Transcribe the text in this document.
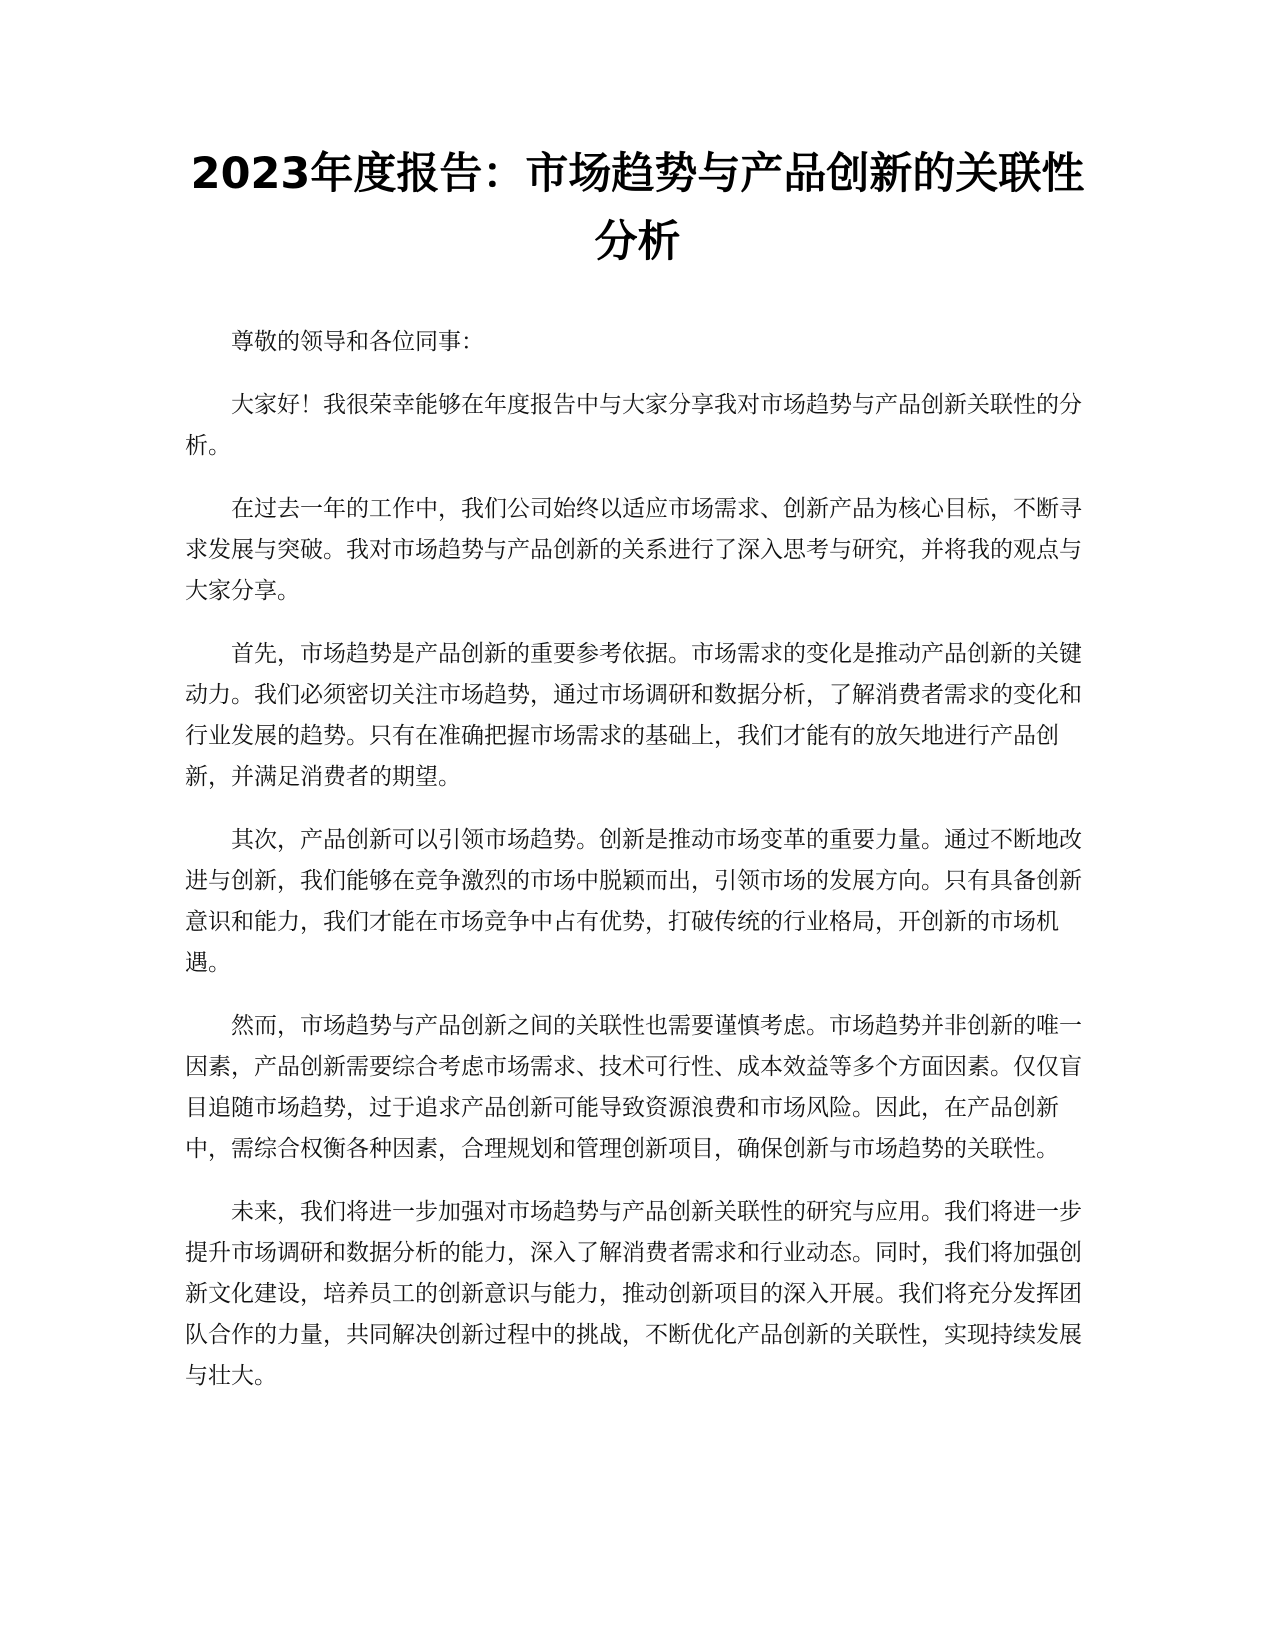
2023年度报告：市场趋势与产品创新的关联性分析

尊敬的领导和各位同事：

大家好！我很荣幸能够在年度报告中与大家分享我对市场趋势与产品创新关联性的分析。

在过去一年的工作中，我们公司始终以适应市场需求、创新产品为核心目标，不断寻求发展与突破。我对市场趋势与产品创新的关系进行了深入思考与研究，并将我的观点与大家分享。

首先，市场趋势是产品创新的重要参考依据。市场需求的变化是推动产品创新的关键动力。我们必须密切关注市场趋势，通过市场调研和数据分析，了解消费者需求的变化和行业发展的趋势。只有在准确把握市场需求的基础上，我们才能有的放矢地进行产品创新，并满足消费者的期望。

其次，产品创新可以引领市场趋势。创新是推动市场变革的重要力量。通过不断地改进与创新，我们能够在竞争激烈的市场中脱颖而出，引领市场的发展方向。只有具备创新意识和能力，我们才能在市场竞争中占有优势，打破传统的行业格局，开创新的市场机遇。

然而，市场趋势与产品创新之间的关联性也需要谨慎考虑。市场趋势并非创新的唯一因素，产品创新需要综合考虑市场需求、技术可行性、成本效益等多个方面因素。仅仅盲目追随市场趋势，过于追求产品创新可能导致资源浪费和市场风险。因此，在产品创新中，需综合权衡各种因素，合理规划和管理创新项目，确保创新与市场趋势的关联性。

未来，我们将进一步加强对市场趋势与产品创新关联性的研究与应用。我们将进一步提升市场调研和数据分析的能力，深入了解消费者需求和行业动态。同时，我们将加强创新文化建设，培养员工的创新意识与能力，推动创新项目的深入开展。我们将充分发挥团队合作的力量，共同解决创新过程中的挑战，不断优化产品创新的关联性，实现持续发展与壮大。
